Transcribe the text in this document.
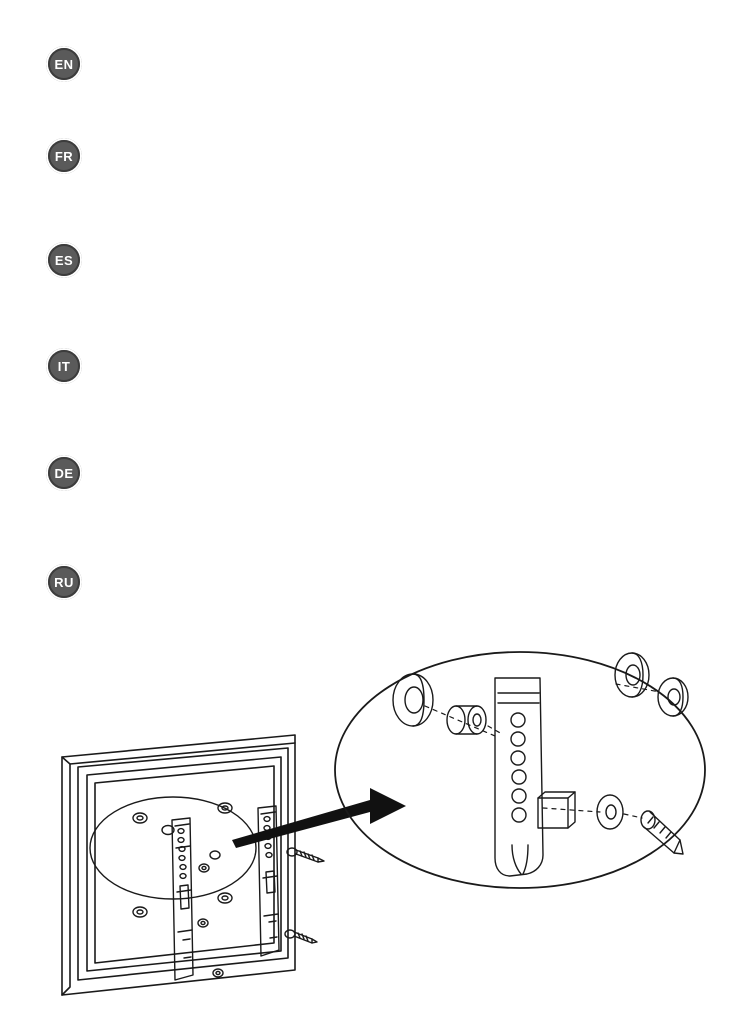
EN
FR
ES
IT
DE
RU
